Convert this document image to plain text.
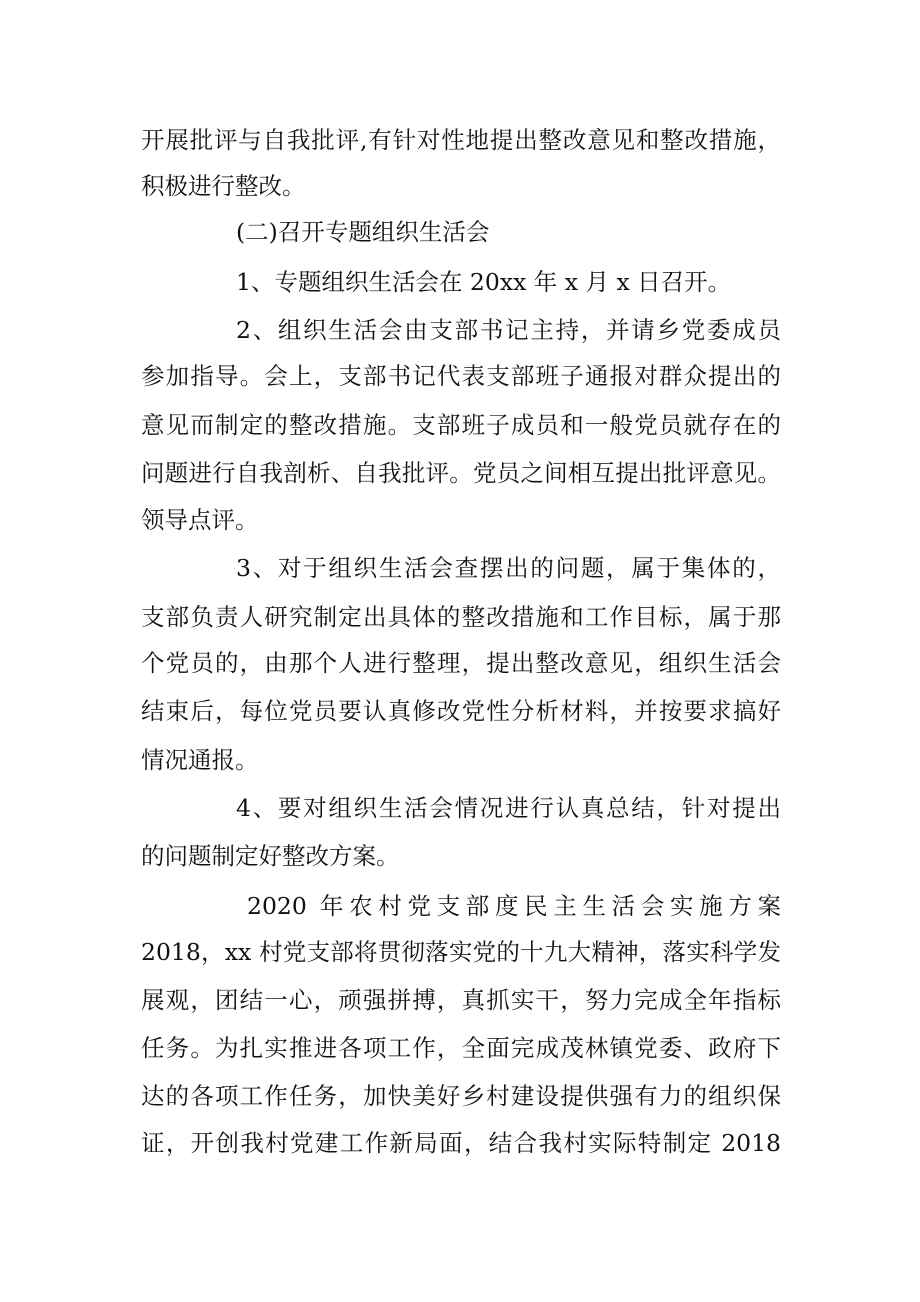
开展批评与自我批评,有针对性地提出整改意见和整改措施，
积极进行整改。
(二)召开专题组织生活会
1、专题组织生活会在 20xx 年 x 月 x 日召开。
2、组织生活会由支部书记主持，并请乡党委成员
参加指导。会上，支部书记代表支部班子通报对群众提出的
意见而制定的整改措施。支部班子成员和一般党员就存在的
问题进行自我剖析、自我批评。党员之间相互提出批评意见。
领导点评。
3、对于组织生活会查摆出的问题，属于集体的，
支部负责人研究制定出具体的整改措施和工作目标，属于那
个党员的，由那个人进行整理，提出整改意见，组织生活会
结束后，每位党员要认真修改党性分析材料，并按要求搞好
情况通报。
4、要对组织生活会情况进行认真总结，针对提出
的问题制定好整改方案。
2020 年农村党支部度民主生活会实施方案
2018，xx 村党支部将贯彻落实党的十九大精神，落实科学发
展观，团结一心，顽强拼搏，真抓实干，努力完成全年指标
任务。为扎实推进各项工作，全面完成茂林镇党委、政府下
达的各项工作任务，加快美好乡村建设提供强有力的组织保
证，开创我村党建工作新局面，结合我村实际特制定 2018
